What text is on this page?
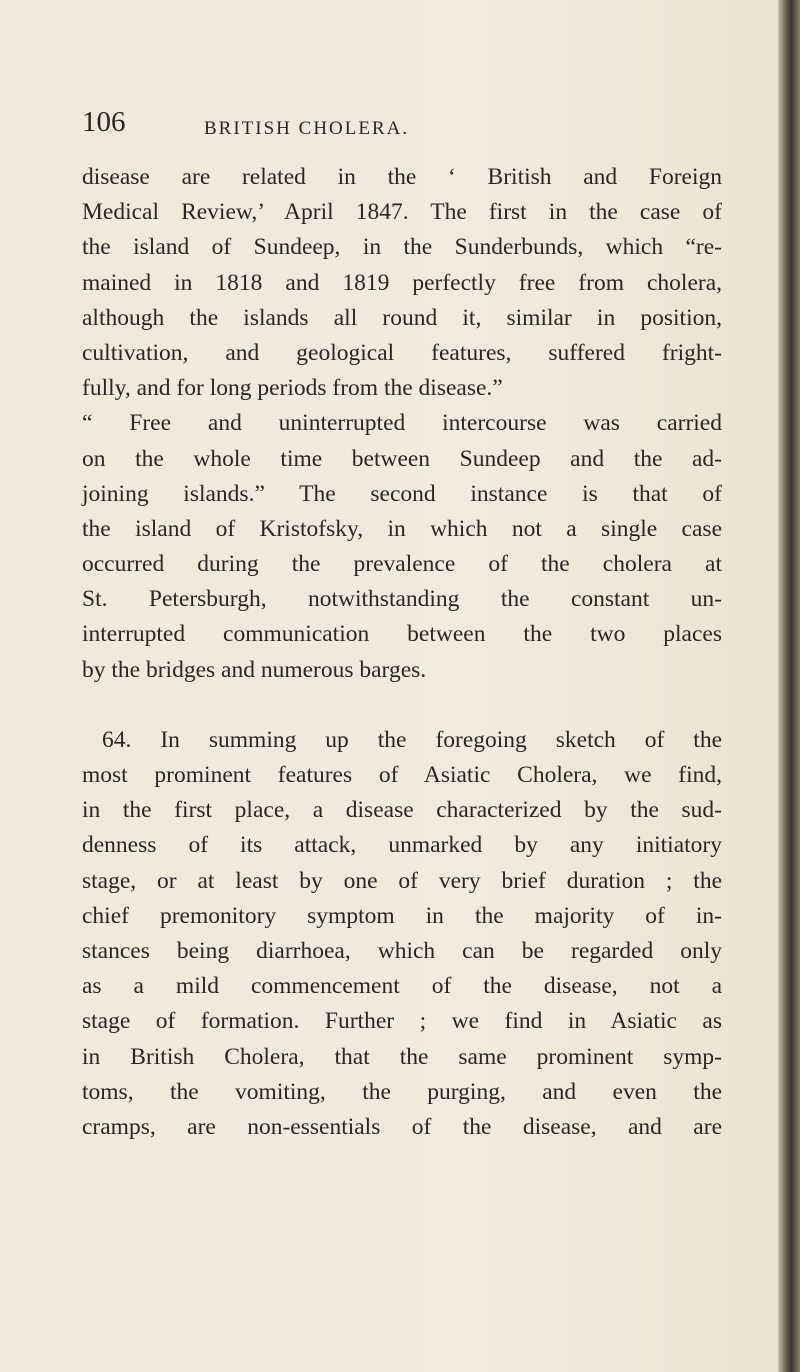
106	BRITISH CHOLERA.
disease are related in the ‘ British and Foreign
Medical Review,’ April 1847. The first in the case of
the island of Sundeep, in the Sunderbunds, which “re-
mained in 1818 and 1819 perfectly free from cholera,
although the islands all round it, similar in position,
cultivation, and geological features, suffered fright-
fully, and for long periods from the disease.”
“ Free and uninterrupted intercourse was carried
on the whole time between Sundeep and the ad-
joining islands.” The second instance is that of
the island of Kristofsky, in which not a single case
occurred during the prevalence of the cholera at
St. Petersburgh, notwithstanding the constant un-
interrupted communication between the two places
by the bridges and numerous barges.
64. In summing up the foregoing sketch of the
most prominent features of Asiatic Cholera, we find,
in the first place, a disease characterized by the sud-
denness of its attack, unmarked by any initiatory
stage, or at least by one of very brief duration ; the
chief premonitory symptom in the majority of in-
stances being diarrhoea, which can be regarded only
as a mild commencement of the disease, not a
stage of formation. Further ; we find in Asiatic as
in British Cholera, that the same prominent symp-
toms, the vomiting, the purging, and even the
cramps, are non-essentials of the disease, and are
